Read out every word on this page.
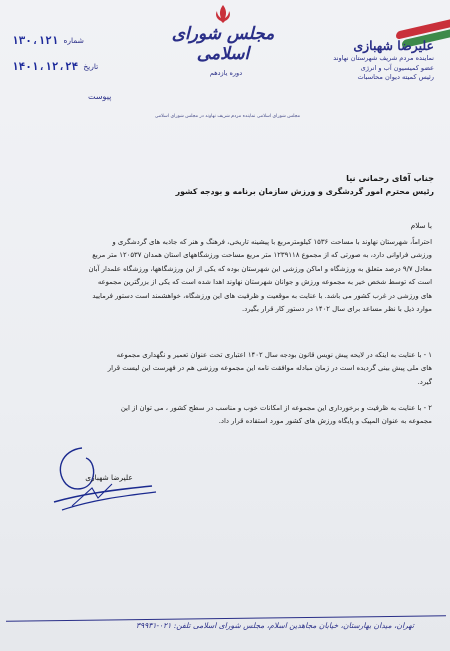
علیرضا شهبازی
نماینده مردم شریف شهرستان نهاوند
عضو کمیسیون آب و انرژی
رئیس کمیته دیوان محاسبات
مجلس شورای اسلامی
دوره یازدهم
مجلس شورای اسلامی نماینده مردم شریف نهاوند در مجلس شورای اسلامی
۱۳۰،۱۲۱ شماره
۱۴۰۱،۱۲،۲۴ تاریخ
پیوست
جناب آقای رحمانی نیا
رئیس محترم امور گردشگری و ورزش سازمان برنامه و بودجه کشور
با سلام
احتراماً، شهرستان نهاوند با مساحت ۱۵۳۶ کیلومترمربع با پیشینه تاریخی، فرهنگ و هنر که جاذبه های گردشگری و
ورزشی فراوانی دارد، به صورتی که از مجموع ۱۲۳۹۱۱۸ متر مربع مساحت ورزشگاههای استان همدان ۱۲۰۵۳۷ متر مربع
معادل ۹/۷ درصد متعلق به ورزشگاه و اماکن ورزشی این شهرستان بوده که یکی از این ورزشگاهها، ورزشگاه علمدار آبان
است که توسط شخص خیر به مجموعه ورزش و جوانان شهرستان نهاوند اهدا شده است که یکی از بزرگترین مجموعه
های ورزشی در غرب کشور می باشد. با عنایت به موقعیت و ظرفیت های این ورزشگاه، خواهشمند است دستور فرمایید
موارد ذیل با نظر مساعد برای سال ۱۴۰۲ در دستور کار قرار بگیرد.
۱ - با عنایت به اینکه در لایحه پیش نویس قانون بودجه سال ۱۴۰۲ اعتباری تحت عنوان تعمیر و نگهداری مجموعه
های ملی پیش بینی گردیده است در زمان مبادله موافقت نامه این مجموعه ورزشی هم در فهرست این لیست قرار
گیرد.
۲ - با عنایت به ظرفیت و برخورداری این مجموعه از امکانات خوب و مناسب در سطح کشور ، می توان از این
مجموعه به عنوان المپیک و پایگاه ورزش های کشور مورد استفاده قرار داد.
علیرضا شهبازی
تهران، میدان بهارستان، خیابان مجاهدین اسلام، مجلس شورای اسلامی تلفن: ۰۲۱-۳۹۹۳۱
